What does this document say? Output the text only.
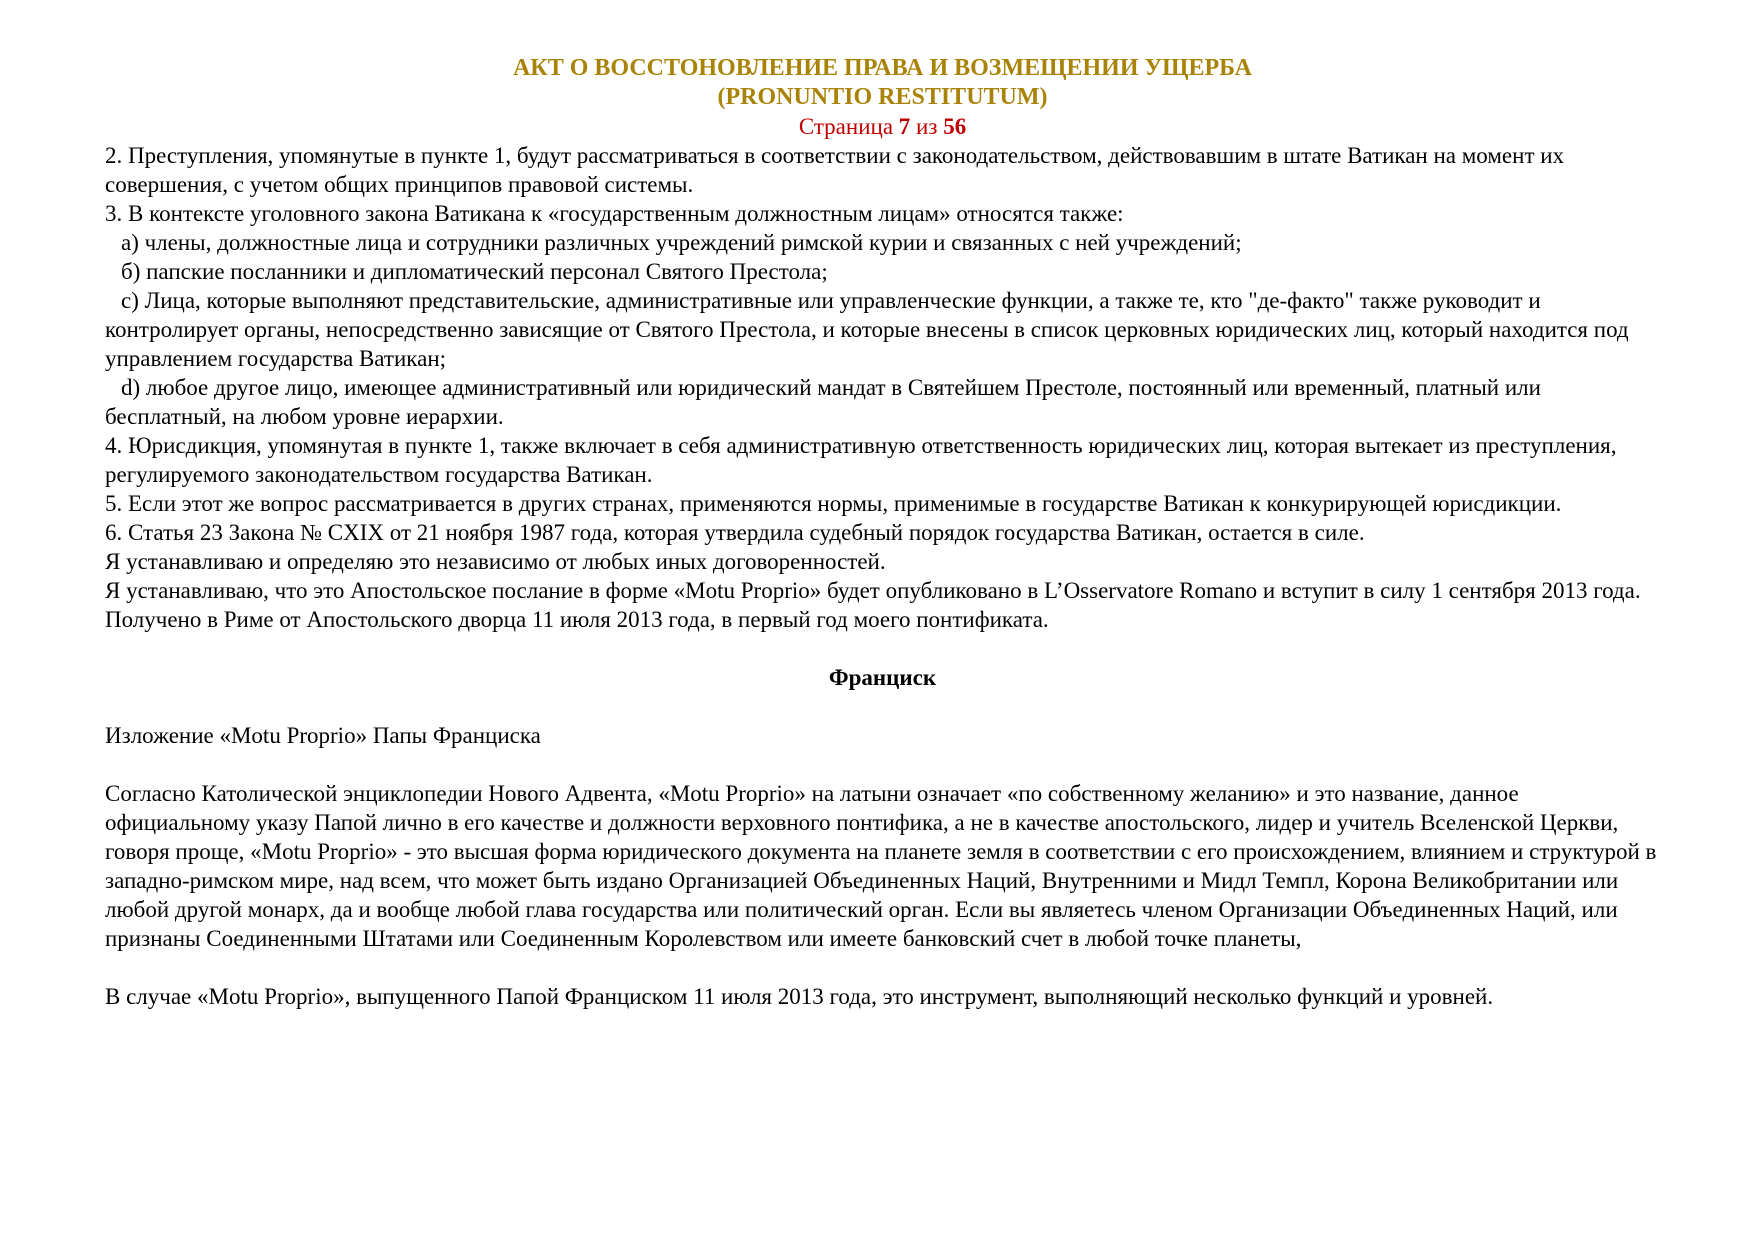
АКТ О ВОССТОНОВЛЕНИЕ ПРАВА И ВОЗМЕЩЕНИИ УЩЕРБА
(PRONUNTIO RESTITUTUM)
Страница 7 из 56

2. Преступления, упомянутые в пункте 1, будут рассматриваться в соответствии с законодательством, действовавшим в штате Ватикан на момент их совершения, с учетом общих принципов правовой системы.

3. В контексте уголовного закона Ватикана к «государственным должностным лицам» относятся также:

а) члены, должностные лица и сотрудники различных учреждений римской курии и связанных с ней учреждений;

б) папские посланники и дипломатический персонал Святого Престола;

с) Лица, которые выполняют представительские, административные или управленческие функции, а также те, кто "де-факто" также руководит и контролирует органы, непосредственно зависящие от Святого Престола, и которые внесены в список церковных юридических лиц, который находится под управлением государства Ватикан;

d) любое другое лицо, имеющее административный или юридический мандат в Святейшем Престоле, постоянный или временный, платный или бесплатный, на любом уровне иерархии.

4. Юрисдикция, упомянутая в пункте 1, также включает в себя административную ответственность юридических лиц, которая вытекает из преступления, регулируемого законодательством государства Ватикан.

5. Если этот же вопрос рассматривается в других странах, применяются нормы, применимые в государстве Ватикан к конкурирующей юрисдикции.

6. Статья 23 Закона № CXIX от 21 ноября 1987 года, которая утвердила судебный порядок государства Ватикан, остается в силе.

Я устанавливаю и определяю это независимо от любых иных договоренностей.

Я устанавливаю, что это Апостольское послание в форме «Motu Proprio» будет опубликовано в L’Osservatore Romano и вступит в силу 1 сентября 2013 года.

Получено в Риме от Апостольского дворца 11 июля 2013 года, в первый год моего понтификата.

Франциск

Изложение «Motu Proprio» Папы Франциска

Согласно Католической энциклопедии Нового Адвента, «Motu Proprio» на латыни означает «по собственному желанию» и это название, данное официальному указу Папой лично в его качестве и должности верховного понтифика, а не в качестве апостольского, лидер и учитель Вселенской Церкви, говоря проще, «Motu Proprio» - это высшая форма юридического документа на планете земля в соответствии с его происхождением, влиянием и структурой в западно-римском мире, над всем, что может быть издано Организацией Объединенных Наций, Внутренними и Мидл Темпл, Корона Великобритании или любой другой монарх, да и вообще любой глава государства или политический орган. Если вы являетесь членом Организации Объединенных Наций, или признаны Соединенными Штатами или Соединенным Королевством или имеете банковский счет в любой точке планеты,

В случае «Motu Proprio», выпущенного Папой Франциском 11 июля 2013 года, это инструмент, выполняющий несколько функций и уровней.
